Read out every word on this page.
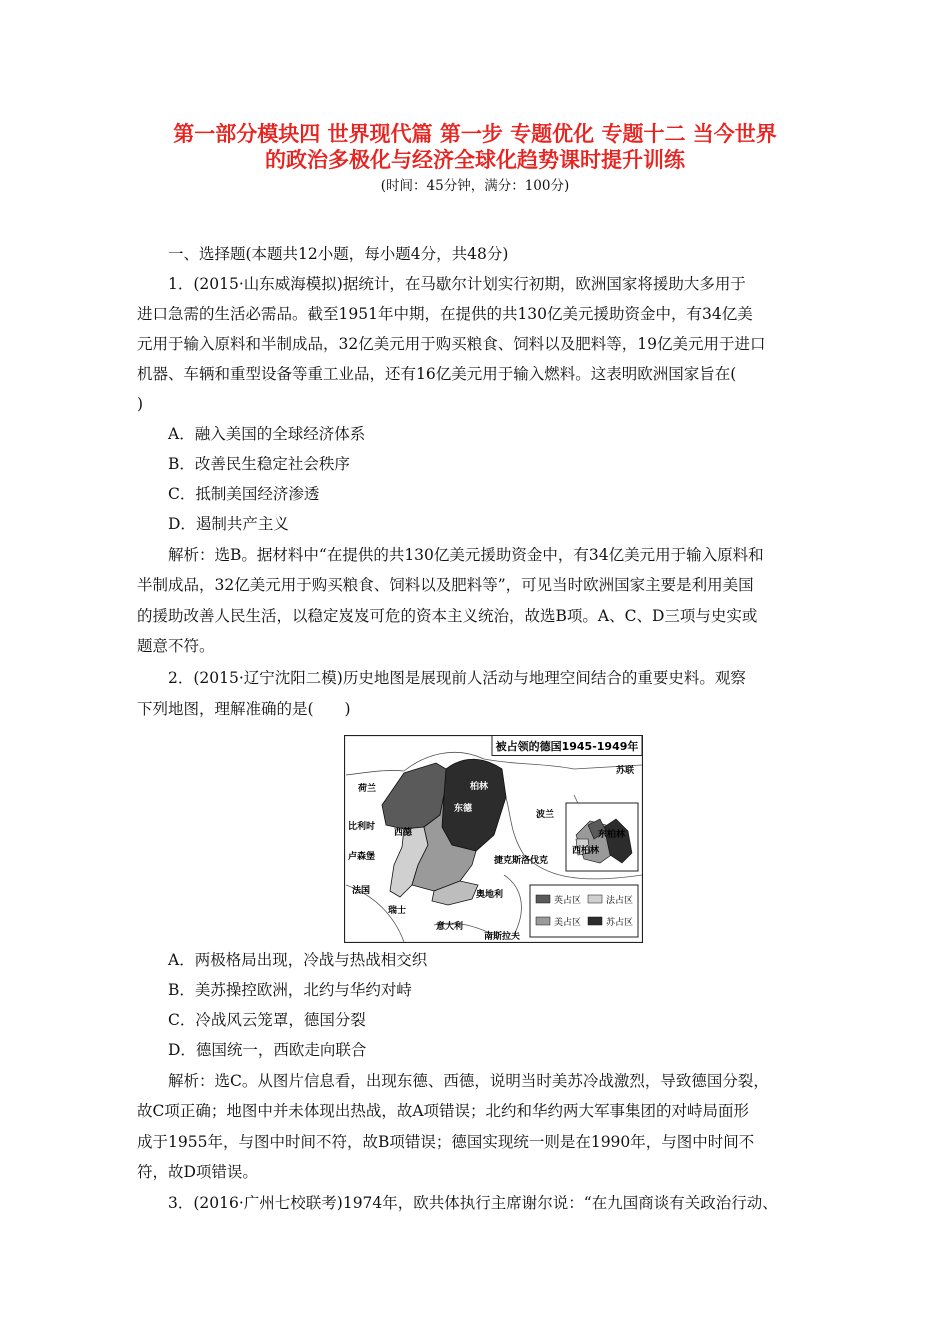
第一部分模块四 世界现代篇 第一步 专题优化 专题十二 当今世界
的政治多极化与经济全球化趋势课时提升训练
(时间：45分钟，满分：100分)
一、选择题(本题共12小题，每小题4分，共48分)
1．(2015·山东威海模拟)据统计，在马歇尔计划实行初期，欧洲国家将援助大多用于
进口急需的生活必需品。截至1951年中期，在提供的共130亿美元援助资金中，有34亿美
元用于输入原料和半制成品，32亿美元用于购买粮食、饲料以及肥料等，19亿美元用于进口
机器、车辆和重型设备等重工业品，还有16亿美元用于输入燃料。这表明欧洲国家旨在(
)
A．融入美国的全球经济体系
B．改善民生稳定社会秩序
C．抵制美国经济渗透
D．遏制共产主义
解析：选B。据材料中“在提供的共130亿美元援助资金中，有34亿美元用于输入原料和
半制成品，32亿美元用于购买粮食、饲料以及肥料等”，可见当时欧洲国家主要是利用美国
的援助改善人民生活，以稳定岌岌可危的资本主义统治，故选B项。A、C、D三项与史实或
题意不符。
2．(2015·辽宁沈阳二模)历史地图是展现前人活动与地理空间结合的重要史料。观察
下列地图，理解准确的是(　　)
被占领的德国1945-1949年
苏联
荷兰
比利时
卢森堡
法国
瑞士
意大利
南斯拉夫
奥地利
捷克斯洛伐克
波兰
柏林
东德
西德	东柏林
西柏林
英占区	法占区
美占区	苏占区
A．两极格局出现，冷战与热战相交织
B．美苏操控欧洲，北约与华约对峙
C．冷战风云笼罩，德国分裂
D．德国统一，西欧走向联合
解析：选C。从图片信息看，出现东德、西德，说明当时美苏冷战激烈，导致德国分裂，
故C项正确；地图中并未体现出热战，故A项错误；北约和华约两大军事集团的对峙局面形
成于1955年，与图中时间不符，故B项错误；德国实现统一则是在1990年，与图中时间不
符，故D项错误。
3．(2016·广州七校联考)1974年，欧共体执行主席谢尔说：“在九国商谈有关政治行动、
